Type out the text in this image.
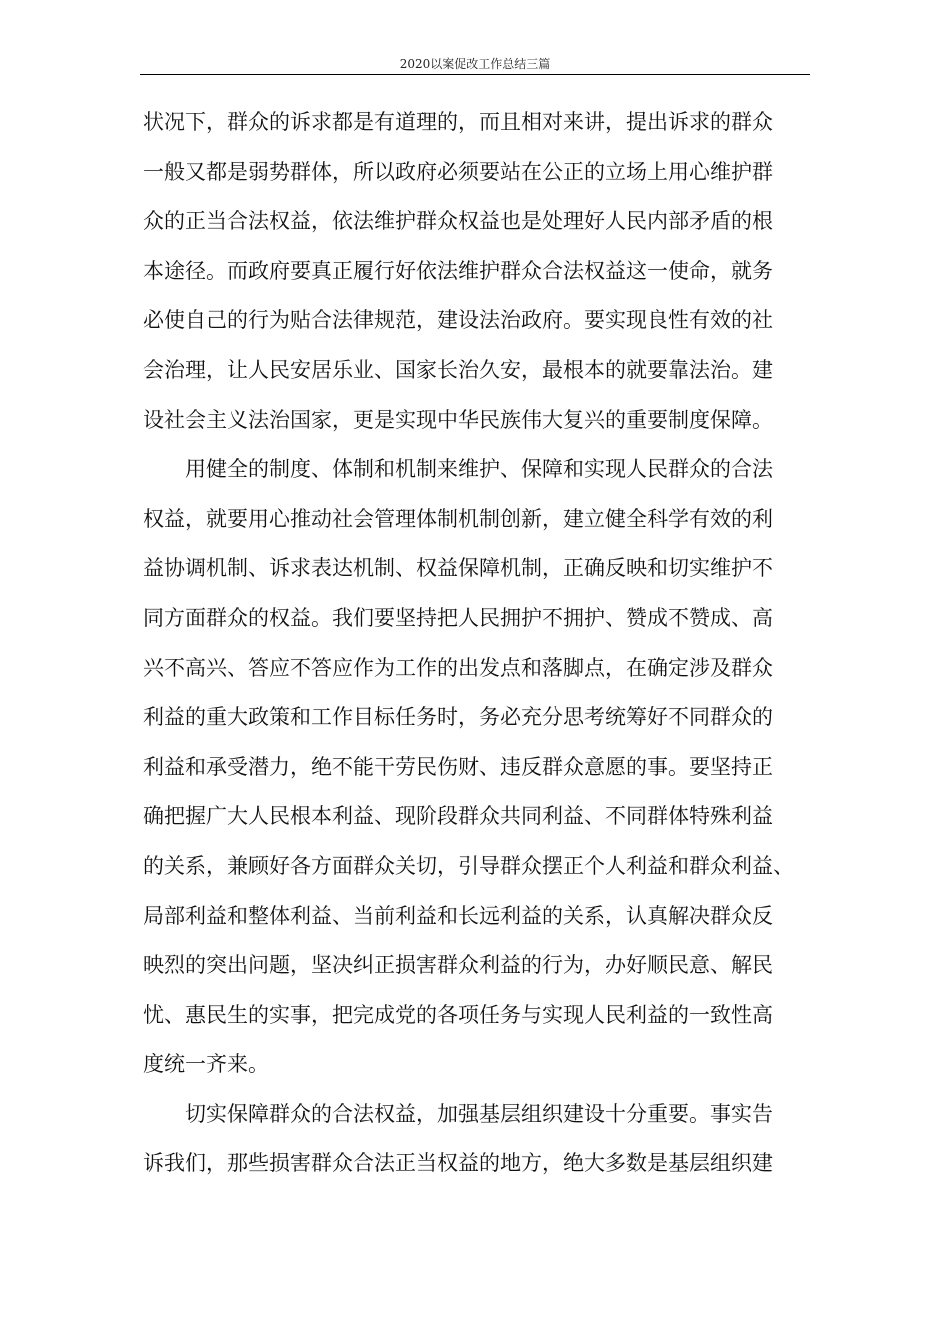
2020以案促改工作总结三篇
状况下，群众的诉求都是有道理的，而且相对来讲，提出诉求的群众
一般又都是弱势群体，所以政府必须要站在公正的立场上用心维护群
众的正当合法权益，依法维护群众权益也是处理好人民内部矛盾的根
本途径。而政府要真正履行好依法维护群众合法权益这一使命，就务
必使自己的行为贴合法律规范，建设法治政府。要实现良性有效的社
会治理，让人民安居乐业、国家长治久安，最根本的就要靠法治。建
设社会主义法治国家，更是实现中华民族伟大复兴的重要制度保障。
用健全的制度、体制和机制来维护、保障和实现人民群众的合法
权益，就要用心推动社会管理体制机制创新，建立健全科学有效的利
益协调机制、诉求表达机制、权益保障机制，正确反映和切实维护不
同方面群众的权益。我们要坚持把人民拥护不拥护、赞成不赞成、高
兴不高兴、答应不答应作为工作的出发点和落脚点，在确定涉及群众
利益的重大政策和工作目标任务时，务必充分思考统筹好不同群众的
利益和承受潜力，绝不能干劳民伤财、违反群众意愿的事。要坚持正
确把握广大人民根本利益、现阶段群众共同利益、不同群体特殊利益
的关系，兼顾好各方面群众关切，引导群众摆正个人利益和群众利益、
局部利益和整体利益、当前利益和长远利益的关系，认真解决群众反
映烈的突出问题，坚决纠正损害群众利益的行为，办好顺民意、解民
忧、惠民生的实事，把完成党的各项任务与实现人民利益的一致性高
度统一齐来。
切实保障群众的合法权益，加强基层组织建设十分重要。事实告
诉我们，那些损害群众合法正当权益的地方，绝大多数是基层组织建
